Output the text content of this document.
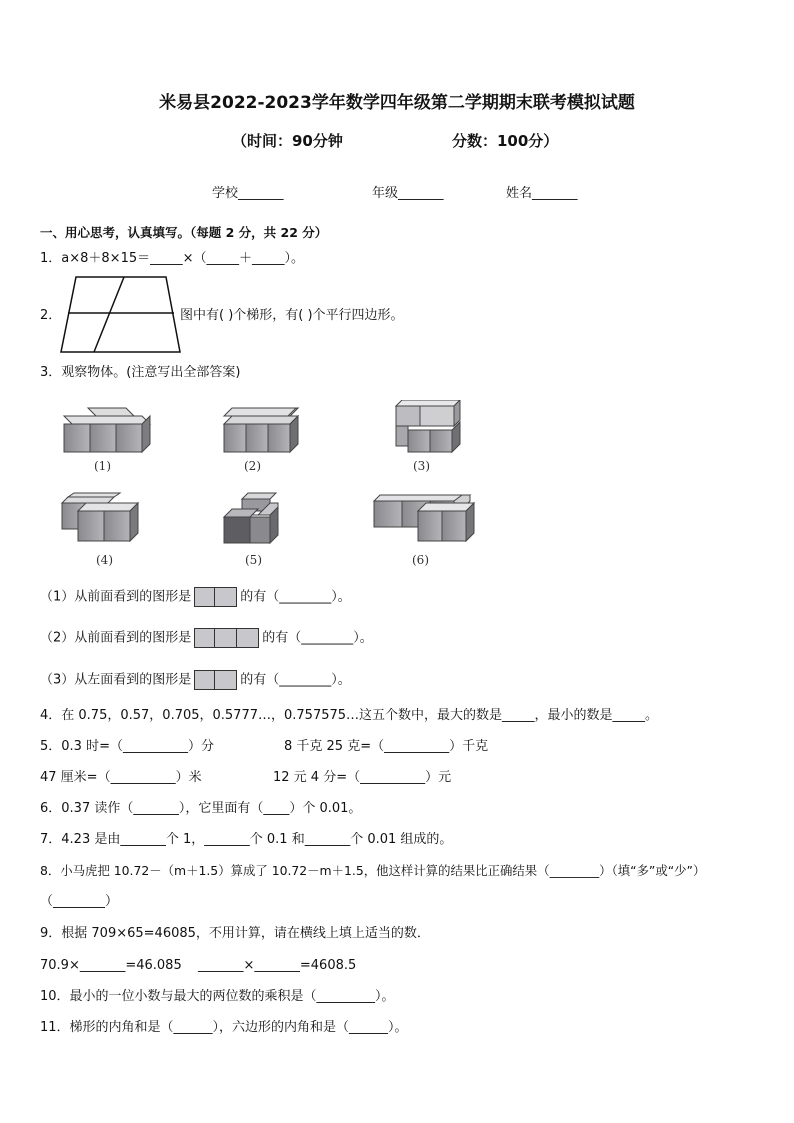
米易县2022-2023学年数学四年级第二学期期末联考模拟试题
（时间：90分钟	分数：100分）
学校_______	年级_______	姓名_______
一、用心思考，认真填写。（每题 2 分，共 22 分）
1．a×8＋8×15＝_____×（_____＋_____）。
2．	图中有( )个梯形，有( )个平行四边形。
3．观察物体。(注意写出全部答案)
(1)	(2)	(3)
(4)	(5)	(6)
（1）从前面看到的图形是	的有（________）。
（2）从前面看到的图形是	的有（________）。
（3）从左面看到的图形是	的有（________）。
4．在 0.75，0.57，0.705，0.5777…，0.757575…这五个数中，最大的数是_____，最小的数是_____。
5．0.3 时=（__________）分	8 千克 25 克=（__________）千克
47 厘米=（__________）米	12 元 4 分=（__________）元
6．0.37 读作（_______），它里面有（____）个 0.01。
7．4.23 是由_______个 1，_______个 0.1 和_______个 0.01 组成的。
8．小马虎把 10.72－（m＋1.5）算成了 10.72－m＋1.5，他这样计算的结果比正确结果（________）（填“多”或“少”）
（________）
9．根据 709×65=46085，不用计算，请在横线上填上适当的数．
70.9×_______=46.085 _______×_______=4608.5
10．最小的一位小数与最大的两位数的乘积是（_________）。
11．梯形的内角和是（______），六边形的内角和是（______）。
